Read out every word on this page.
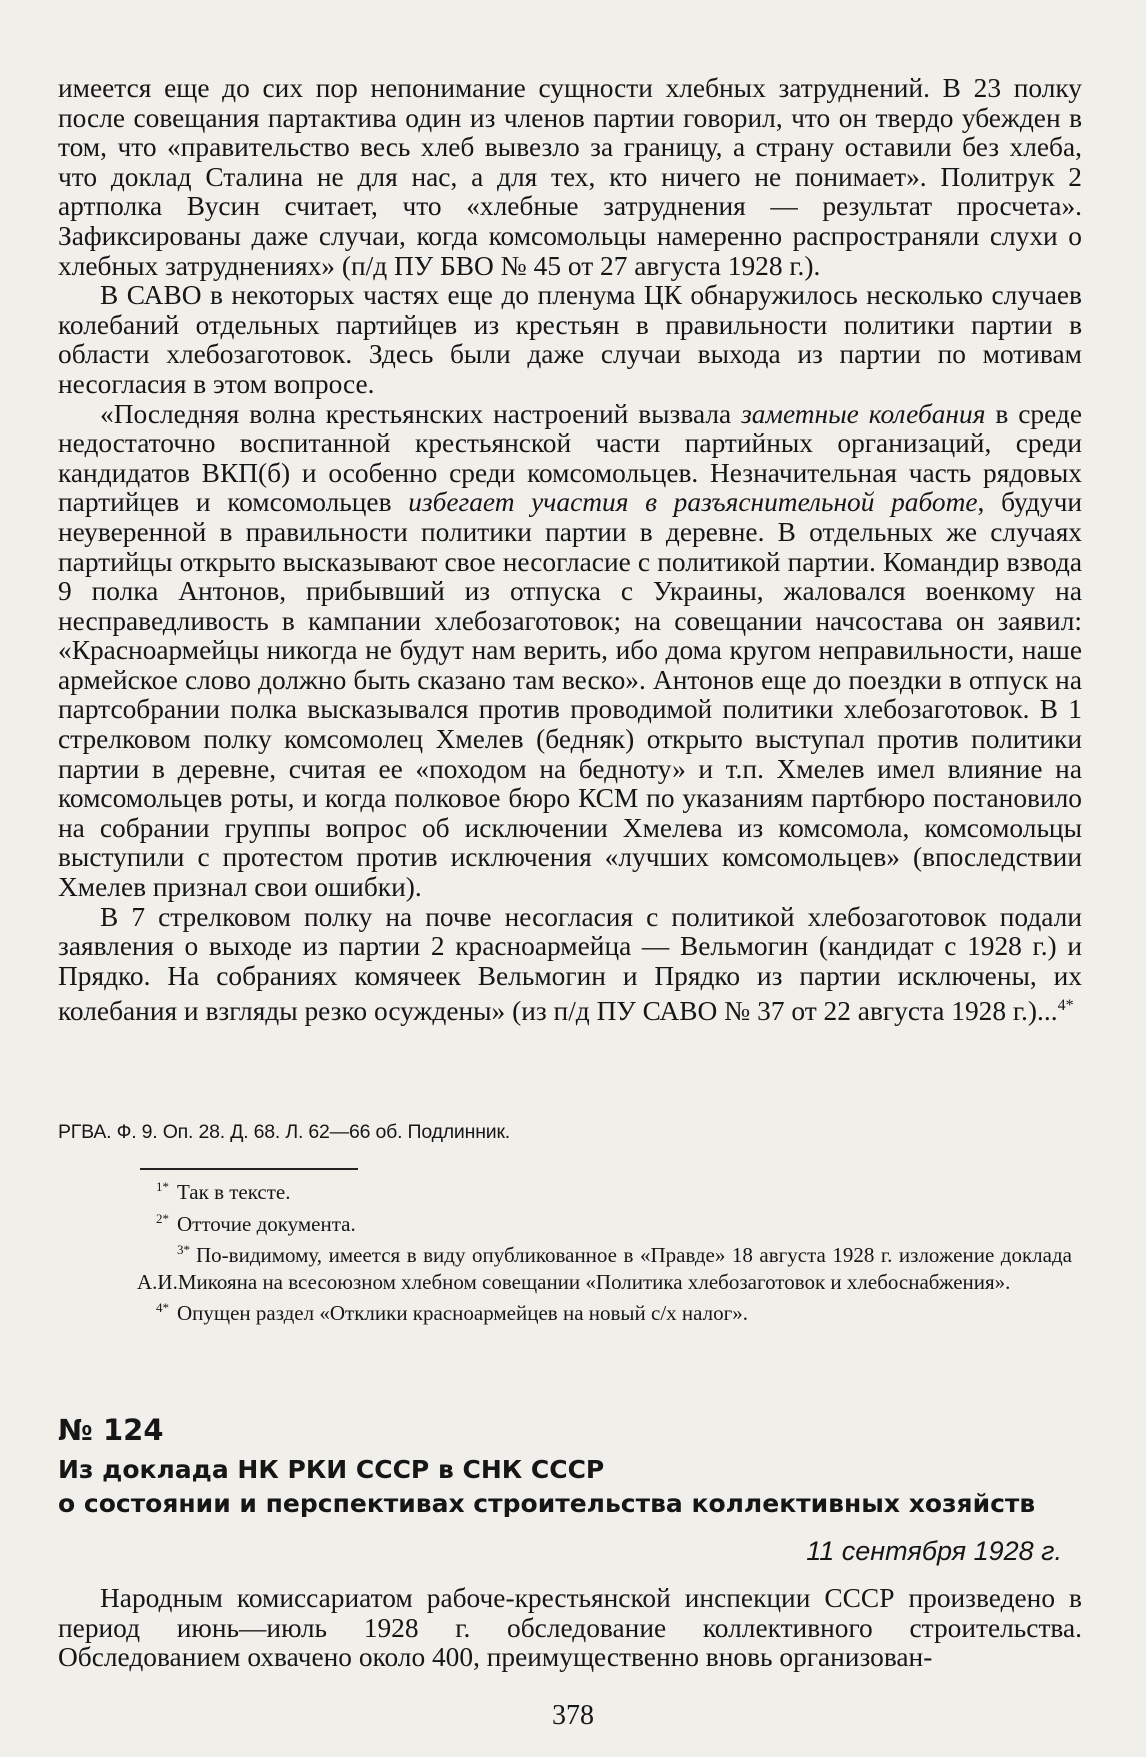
имеется еще до сих пор непонимание сущности хлебных затруднений. В 23 полку после совещания партактива один из членов партии говорил, что он твердо убежден в том, что «правительство весь хлеб вывезло за границу, а страну оставили без хлеба, что доклад Сталина не для нас, а для тех, кто ничего не понимает». Политрук 2 артполка Вусин считает, что «хлебные затруднения — результат просчета». Зафиксированы даже случаи, когда комсомольцы намеренно распространяли слухи о хлебных затруднениях» (п/д ПУ БВО № 45 от 27 августа 1928 г.).

В САВО в некоторых частях еще до пленума ЦК обнаружилось несколько случаев колебаний отдельных партийцев из крестьян в правильности политики партии в области хлебозаготовок. Здесь были даже случаи выхода из партии по мотивам несогласия в этом вопросе.

«Последняя волна крестьянских настроений вызвала заметные колебания в среде недостаточно воспитанной крестьянской части партийных организаций, среди кандидатов ВКП(б) и особенно среди комсомольцев. Незначительная часть рядовых партийцев и комсомольцев избегает участия в разъяснительной работе, будучи неуверенной в правильности политики партии в деревне. В отдельных же случаях партийцы открыто высказывают свое несогласие с политикой партии. Командир взвода 9 полка Антонов, прибывший из отпуска с Украины, жаловался военкому на несправедливость в кампании хлебозаготовок; на совещании начсостава он заявил: «Красноармейцы никогда не будут нам верить, ибо дома кругом неправильности, наше армейское слово должно быть сказано там веско». Антонов еще до поездки в отпуск на партсобрании полка высказывался против проводимой политики хлебозаготовок. В 1 стрелковом полку комсомолец Хмелев (бедняк) открыто выступал против политики партии в деревне, считая ее «походом на бедноту» и т.п. Хмелев имел влияние на комсомольцев роты, и когда полковое бюро КСМ по указаниям партбюро постановило на собрании группы вопрос об исключении Хмелева из комсомола, комсомольцы выступили с протестом против исключения «лучших комсомольцев» (впоследствии Хмелев признал свои ошибки).

В 7 стрелковом полку на почве несогласия с политикой хлебозаготовок подали заявления о выходе из партии 2 красноармейца — Вельмогин (кандидат с 1928 г.) и Прядко. На собраниях комячеек Вельмогин и Прядко из партии исключены, их колебания и взгляды резко осуждены» (из п/д ПУ САВО № 37 от 22 августа 1928 г.)...$^{4*}$

РГВА. Ф. 9. Оп. 28. Д. 68. Л. 62—66 об. Подлинник.

$^{1*}$ Так в тексте.

$^{2*}$ Отточие документа.

$^{3*}$ По-видимому, имеется в виду опубликованное в «Правде» 18 августа 1928 г. изложение доклада А.И.Микояна на всесоюзном хлебном совещании «Политика хлебозаготовок и хлебоснабжения».

$^{4*}$ Опущен раздел «Отклики красноармейцев на новый с/х налог».

№ 124
Из доклада НК РКИ СССР в СНК СССР
о состоянии и перспективах строительства коллективных хозяйств
11 сентября 1928 г.

Народным комиссариатом рабоче-крестьянской инспекции СССР произведено в период июнь—июль 1928 г. обследование коллективного строительства. Обследованием охвачено около 400, преимущественно вновь организован-

378
